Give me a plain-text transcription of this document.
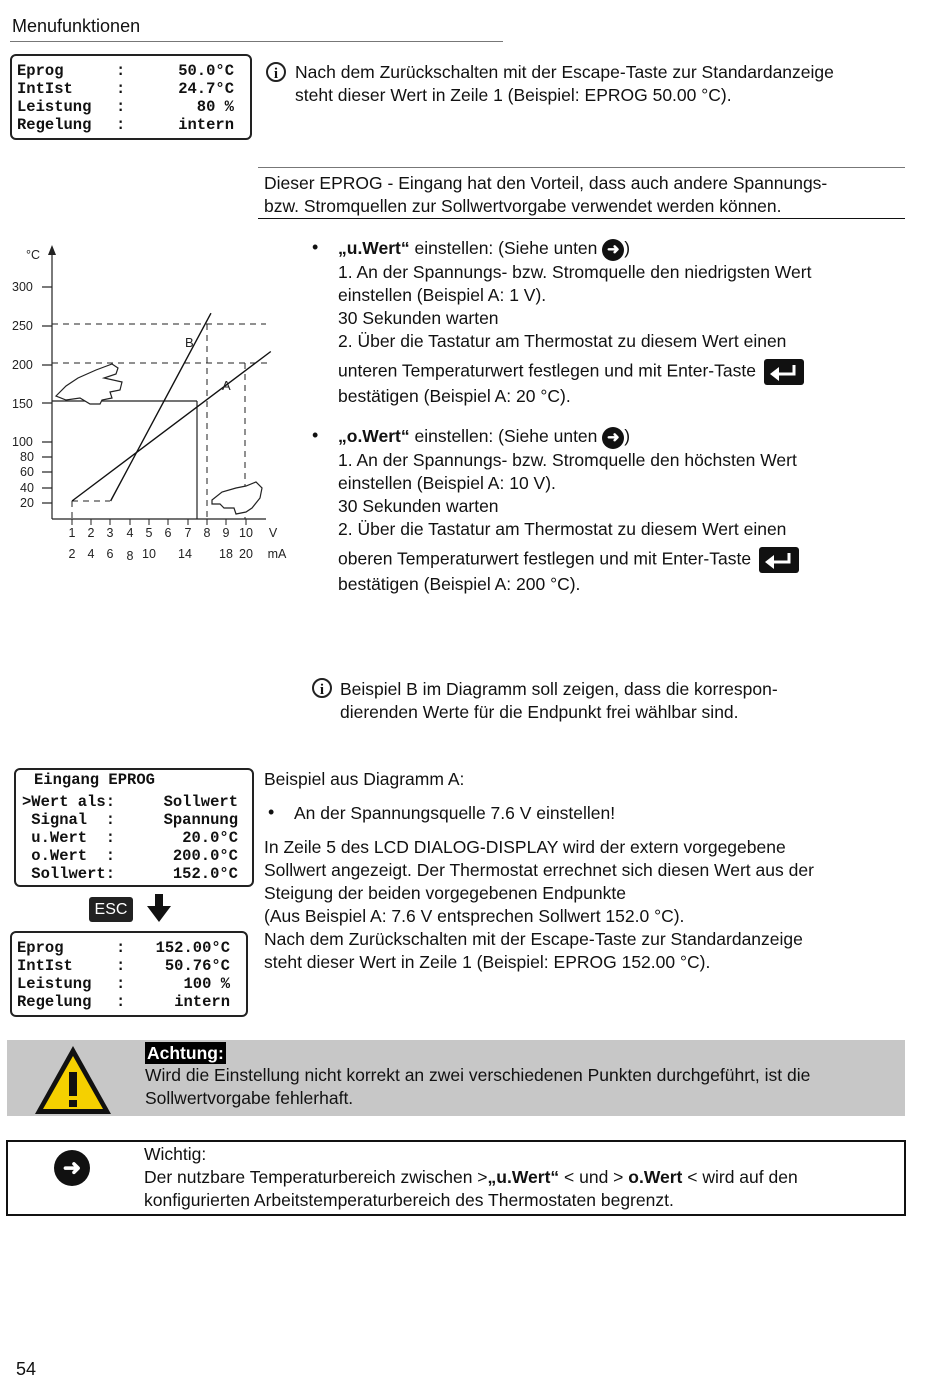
Menufunktionen
Eprog	:	50.0°C
IntIst	:	24.7°C
Leistung :	80 %
Regelung :	intern
i Nach dem Zurückschalten mit der Escape-Taste zur Standardanzeige
steht dieser Wert in Zeile 1 (Beispiel: EPROG 50.00 °C).
Dieser EPROG - Eingang hat den Vorteil, dass auch andere Spannungs-
bzw. Stromquellen zur Sollwertvorgabe verwendet werden können.
°C
300
250
200
150
100
80
60
40
20
1 2 3 4 5 6 7 8 9 10 V
2 4 6 8 10 14 18 20 mA
B
A
• „u.Wert“ einstellen: (Siehe unten ➜ )
1. An der Spannungs- bzw. Stromquelle den niedrigsten Wert
einstellen (Beispiel A: 1 V).
30 Sekunden warten
2. Über die Tastatur am Thermostat zu diesem Wert einen
unteren Temperaturwert festlegen und mit Enter-Taste
bestätigen (Beispiel A: 20 °C).
• „o.Wert“ einstellen: (Siehe unten ➜ )
1. An der Spannungs- bzw. Stromquelle den höchsten Wert
einstellen (Beispiel A: 10 V).
30 Sekunden warten
2. Über die Tastatur am Thermostat zu diesem Wert einen
oberen Temperaturwert festlegen und mit Enter-Taste
bestätigen (Beispiel A: 200 °C).
i Beispiel B im Diagramm soll zeigen, dass die korrespon-
dierenden Werte für die Endpunkt frei wählbar sind.
Eingang EPROG
>Wert als:	Sollwert
Signal  :	Spannung
u.Wert  :	20.0°C
o.Wert  :	200.0°C
Sollwert:	152.0°C
ESC
Eprog	: 152.00°C
IntIst	:	50.76°C
Leistung :	100 %
Regelung :	intern
Beispiel aus Diagramm A:
• An der Spannungsquelle 7.6 V einstellen!
In Zeile 5 des LCD DIALOG-DISPLAY wird der extern vorgegebene
Sollwert angezeigt. Der Thermostat errechnet sich diesen Wert aus der
Steigung der beiden vorgegebenen Endpunkte
(Aus Beispiel A: 7.6 V entsprechen Sollwert 152.0 °C).
Nach dem Zurückschalten mit der Escape-Taste zur Standardanzeige
steht dieser Wert in Zeile 1 (Beispiel: EPROG 152.00 °C).
Achtung:
Wird die Einstellung nicht korrekt an zwei verschiedenen Punkten durchgeführt, ist die
Sollwertvorgabe fehlerhaft.
➜
Wichtig:
Der nutzbare Temperaturbereich zwischen >„u.Wert“ < und > o.Wert < wird auf den
konfigurierten Arbeitstemperaturbereich des Thermostaten begrenzt.
54
